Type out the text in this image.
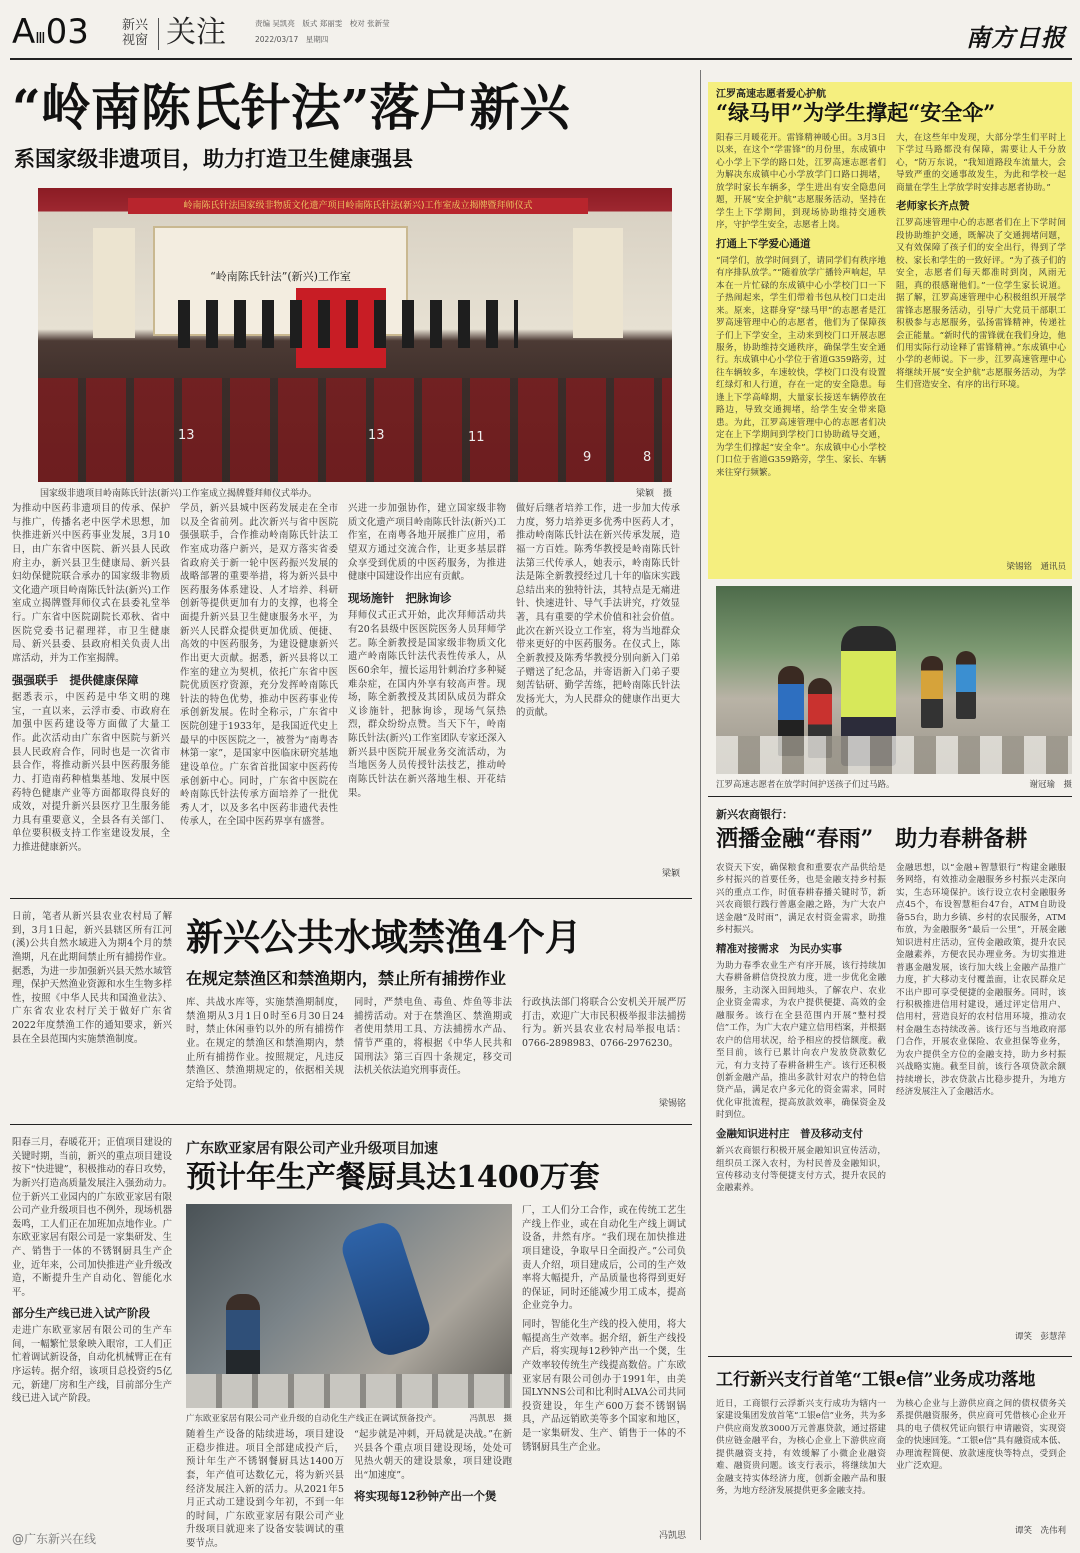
AⅢ03	新兴
视窗 关注	责编 吴凯亮　版式 郑丽雯　校对 张新莹
2022/03/17　 星期四	南方日报
“岭南陈氏针法”落户新兴
系国家级非遗项目，助力打造卫生健康强县
岭南陈氏针法国家级非物质文化遗产项目岭南陈氏针法(新兴)工作室成立揭牌暨拜师仪式
“岭南陈氏针法”(新兴)工作室
13	13	11
9	8
国家级非遗项目岭南陈氏针法(新兴)工作室成立揭牌暨拜师仪式举办。	梁颖　摄
为推动中医药非遗项目的传承、保护与推广，传播名老中医学术思想，加快推进新兴中医药事业发展，3月10日，由广东省中医院、新兴县人民政府主办，新兴县卫生健康局、新兴县妇幼保健院联合承办的国家级非物质文化遗产项目岭南陈氏针法(新兴)工作室成立揭牌暨拜师仪式在县委礼堂举行。广东省中医院副院长邓秋、省中医院党委书记翟理祥，市卫生健康局、新兴县委、县政府相关负责人出席活动，并为工作室揭牌。
强强联手　提供健康保障
据悉表示，中医药是中华文明的瑰宝，一直以来，云浮市委、市政府在加强中医药建设等方面做了大量工作。此次活动由广东省中医院与新兴县人民政府合作，同时也是一次省市县合作，将推动新兴县中医药服务能力、打造南药种植集基地、发展中医药特色健康产业等方面都取得良好的成效，对提升新兴县医疗卫生服务能力具有重要意义，全县各有关部门、单位要积极支持工作室建设发展，全力推进健康新兴。
学员，新兴县城中医药发展走在全市以及全省前列。此次新兴与省中医院强强联手，合作推动岭南陈氏针法工作室成功落户新兴，是双方落实省委省政府关于新一轮中医药振兴发展的战略部署的重要举措，将为新兴县中医药服务体系建设、人才培养、科研创新等提供更加有力的支撑，也将全面提升新兴县卫生健康服务水平，为新兴人民群众提供更加优质、便捷、高效的中医药服务，为建设健康新兴作出更大贡献。据悉，新兴县将以工作室的建立为契机，依托广东省中医院优质医疗资源，充分发挥岭南陈氏针法的特色优势，推动中医药事业传承创新发展。佐时全称示，广东省中医院创建于1933年，是我国近代史上最早的中医医院之一，被誉为“南粤杏林第一家”，是国家中医临床研究基地建设单位。广东省首批国家中医药传承创新中心。同时，广东省中医院在岭南陈氏针法传承方面培养了一批优秀人才，以及多名中医药非遗代表性传承人，在全国中医药界享有盛誉。
兴进一步加强协作，建立国家级非物质文化遗产项目岭南陈氏针法(新兴)工作室，在南粤各地开展推广应用，希望双方通过交流合作，让更多基层群众享受到优质的中医药服务，为推进健康中国建设作出应有贡献。
现场施针　把脉询诊
拜师仪式正式开始，此次拜师活动共有20名县级中医医院医务人员拜师学艺。陈全新教授是国家级非物质文化遗产岭南陈氏针法代表性传承人，从医60余年，擅长运用针刺治疗多种疑难杂症，在国内外享有较高声誉。现场，陈全新教授及其团队成员为群众义诊施针，把脉询诊，现场气氛热烈，群众纷纷点赞。当天下午，岭南陈氏针法(新兴)工作室团队专家还深入新兴县中医院开展业务交流活动，为当地医务人员传授针法技艺，推动岭南陈氏针法在新兴落地生根、开花结果。
做好后继者培养工作，进一步加大传承力度，努力培养更多优秀中医药人才，推动岭南陈氏针法在新兴传承发展，造福一方百姓。陈秀华教授是岭南陈氏针法第三代传承人，她表示，岭南陈氏针法是陈全新教授经过几十年的临床实践总结出来的独特针法，其特点是无痛进针、快速进针、导气手法讲究，疗效显著，具有重要的学术价值和社会价值。此次在新兴设立工作室，将为当地群众带来更好的中医药服务。在仪式上，陈全新教授及陈秀华教授分别向新入门弟子赠送了纪念品，并寄语新入门弟子要刻苦钻研、勤学苦练，把岭南陈氏针法发扬光大，为人民群众的健康作出更大的贡献。
梁颖
江罗高速志愿者爱心护航
“绿马甲”为学生撑起“安全伞”
阳春三月暖花开。雷锋精神暖心田。3月3日以来，在这个“学雷锋”的月份里，东成镇中心小学上下学的路口处，江罗高速志愿者们为解决东成镇中心小学放学门口路口拥堵，放学时家长车辆多，学生进出有安全隐患问题，开展“安全护航”志愿服务活动，坚持在学生上下学期间，到现场协助维持交通秩序，守护学生安全，志愿者上岗。
打通上下学爱心通道
“同学们，放学时间到了，请同学们有秩序地有序排队放学。”“随着放学广播铃声响起，早本在一片忙碌的东成镇中心小学校门口一下子热闹起来，学生们带着书包从校门口走出来。原来，这群身穿“绿马甲”的志愿者是江罗高速管理中心的志愿者，他们为了保障孩子们上下学安全，主动来到校门口开展志愿服务，协助维持交通秩序，确保学生安全通行。东成镇中心小学位于省道G359路旁，过往车辆较多，车速较快，学校门口没有设置红绿灯和人行道，存在一定的安全隐患。每逢上下学高峰期，大量家长接送车辆停放在路边，导致交通拥堵，给学生安全带来隐患。为此，江罗高速管理中心的志愿者们决定在上下学期间到学校门口协助疏导交通，为学生们撑起“安全伞”。东成镇中心小学校门口位于省道G359路旁，学生、家长、车辆来往穿行频繁。
大，在这些年中发现，大部分学生们平时上下学过马路都没有保障，需要让人千分放心，“防万东说，“我知道路段车流量大，会导致严重的交通事故发生，为此和学校一起商量在学生上学放学时安排志愿者协助。”
老师家长齐点赞
江罗高速管理中心的志愿者们在上下学时间段协助维护交通，既解决了交通拥堵问题，又有效保障了孩子们的安全出行，得到了学校、家长和学生的一致好评。“为了孩子们的安全，志愿者们每天都准时到岗，风雨无阻，真的很感谢他们。”一位学生家长说道。据了解，江罗高速管理中心积极组织开展学雷锋志愿服务活动，引导广大党员干部职工积极参与志愿服务，弘扬雷锋精神，传递社会正能量。“新时代的雷锋就在我们身边，他们用实际行动诠释了雷锋精神。”东成镇中心小学的老师说。下一步，江罗高速管理中心将继续开展“安全护航”志愿服务活动，为学生们营造安全、有序的出行环境。
梁锡铭　通讯员
江罗高速志愿者在放学时间护送孩子们过马路。	谢冠瑜　摄
新兴农商银行：
洒播金融“春雨”　助力春耕备耕
农资天下安，确保粮食和重要农产品供给是乡村振兴的首要任务，也是金融支持乡村振兴的重点工作，时值春耕春播关键时节，新兴农商银行践行普惠金融之路，为广大农户送金融“及时雨”，满足农村资金需求，助推乡村振兴。
精准对接需求　为民办实事
为助力春季农业生产有序开展，该行持续加大春耕备耕信贷投放力度，进一步优化金融服务，主动深入田间地头，了解农户、农业企业资金需求，为农户提供便捷、高效的金融服务。该行在全县范围内开展“整村授信”工作，为广大农户建立信用档案，并根据农户的信用状况，给予相应的授信额度。截至目前，该行已累计向农户发放贷款数亿元，有力支持了春耕备耕生产。该行还积极创新金融产品，推出多款针对农户的特色信贷产品，满足农户多元化的资金需求，同时优化审批流程，提高放款效率，确保资金及时到位。
金融知识进村庄　普及移动支付
新兴农商银行积极开展金融知识宣传活动，组织员工深入农村，为村民普及金融知识，宣传移动支付等便捷支付方式，提升农民的金融素养。
金融思想，以“金融+智慧银行”构建金融服务网络，有效推动金融服务乡村振兴走深向实，生态环境保护。该行设立农村金融服务点45个，布设智慧柜台47台，ATM自助设备55台，助力乡镇、乡村的农民服务，ATM布放，为金融服务“最后一公里”，开展金融知识进村庄活动，宣传金融政策，提升农民金融素养，方便农民办理业务。为切实推进普惠金融发展，该行加大线上金融产品推广力度，扩大移动支付覆盖面，让农民群众足不出户即可享受便捷的金融服务。同时，该行积极推进信用村建设，通过评定信用户、信用村，营造良好的农村信用环境，推动农村金融生态持续改善。该行还与当地政府部门合作，开展农业保险、农业担保等业务，为农户提供全方位的金融支持，助力乡村振兴战略实施。截至目前，该行各项贷款余额持续增长，涉农贷款占比稳步提升，为地方经济发展注入了金融活水。
谭笑　彭慧萍
工行新兴支行首笔“工银e信”业务成功落地
近日，工商银行云浮新兴支行成功为辖内一家建设集团发放首笔“工银e信”业务，共为多户供应商发放3000万元普惠贷款，通过搭建供应链金融平台，为核心企业上下游供应商提供融资支持，有效缓解了小微企业融资难、融资贵问题。该支行表示，将继续加大金融支持实体经济力度，创新金融产品和服务，为地方经济发展提供更多金融支持。
为核心企业与上游供应商之间的债权债务关系提供融资服务，供应商可凭借核心企业开具的电子债权凭证向银行申请融资，实现资金的快速回笼。“工银e信”具有融资成本低、办理流程简便、放款速度快等特点，受到企业广泛欢迎。
谭笑　冼伟利
日前，笔者从新兴县农业农村局了解到，3月1日起，新兴县辖区所有江河(溪)公共自然水域进入为期4个月的禁渔期，凡在此期间禁止所有捕捞作业。据悉，为进一步加强新兴县天然水域管理，保护天然渔业资源和水生生物多样性，按照《中华人民共和国渔业法》、广东省农业农村厅关于做好广东省2022年度禁渔工作的通知要求，新兴县在全县范围内实施禁渔制度。
新兴公共水域禁渔4个月
在规定禁渔区和禁渔期内，禁止所有捕捞作业
库、共战水库等，实施禁渔期制度，禁渔期从3月1日0时至6月30日24时，禁止休闲垂钓以外的所有捕捞作业。在规定的禁渔区和禁渔期内，禁止所有捕捞作业。按照规定，凡违反禁渔区、禁渔期规定的，依据相关规定给予处罚。
同时，严禁电鱼、毒鱼、炸鱼等非法捕捞活动。对于在禁渔区、禁渔期或者使用禁用工具、方法捕捞水产品、情节严重的，将根据《中华人民共和国刑法》第三百四十条规定，移交司法机关依法追究刑事责任。
行政执法部门将联合公安机关开展严厉打击，欢迎广大市民积极举报非法捕捞行为。新兴县农业农村局举报电话：0766-2898983、0766-2976230。
梁锡铭
阳春三月，春暖花开；正值项目建设的关键时期，当前，新兴的重点项目建设按下“快进键”，积极推动的春日攻势，为新兴打造高质量发展注入强劲动力。位于新兴工业园内的广东欧亚家居有限公司产业升级项目也不例外，现场机器轰鸣，工人们正在加班加点地作业。广东欧亚家居有限公司是一家集研发、生产、销售于一体的不锈钢厨具生产企业，近年来，公司加快推进产业升级改造，不断提升生产自动化、智能化水平。
部分生产线已进入试产阶段
走进广东欧亚家居有限公司的生产车间，一幅繁忙景象映入眼帘，工人们正忙着调试新设备，自动化机械臂正在有序运转。据介绍，该项目总投资约5亿元，新建厂房和生产线，目前部分生产线已进入试产阶段。
广东欧亚家居有限公司产业升级项目加速
预计年生产餐厨具达1400万套
广东欧亚家居有限公司产业升级的自动化生产线正在调试预备投产。	冯凯思　摄
随着生产设备的陆续进场，项目建设正稳步推进。项目全部建成投产后，预计年生产不锈钢餐厨具达1400万套，年产值可达数亿元，将为新兴县经济发展注入新的活力。从2021年5月正式动工建设到今年初，不到一年的时间，广东欧亚家居有限公司产业升级项目就迎来了设备安装调试的重要节点。
“起步就是冲刺，开局就是决战。”在新兴县各个重点项目建设现场，处处可见热火朝天的建设景象，项目建设跑出“加速度”。
将实现每12秒钟产出一个煲
厂，工人们分工合作，或在传统工艺生产线上作业，或在自动化生产线上调试设备，井然有序。“我们现在加快推进项目建设，争取早日全面投产。”公司负责人介绍，项目建成后，公司的生产效率将大幅提升，产品质量也将得到更好的保证，同时还能减少用工成本，提高企业竞争力。
同时，智能化生产线的投入使用，将大幅提高生产效率。据介绍，新生产线投产后，将实现每12秒钟产出一个煲，生产效率较传统生产线提高数倍。广东欧亚家居有限公司创办于1991年，由美国LYNNS公司和比利时ALVA公司共同投资建设，年生产600万套不锈钢锅具，产品远销欧美等多个国家和地区，是一家集研发、生产、销售于一体的不锈钢厨具生产企业。
冯凯思
@广东新兴在线
